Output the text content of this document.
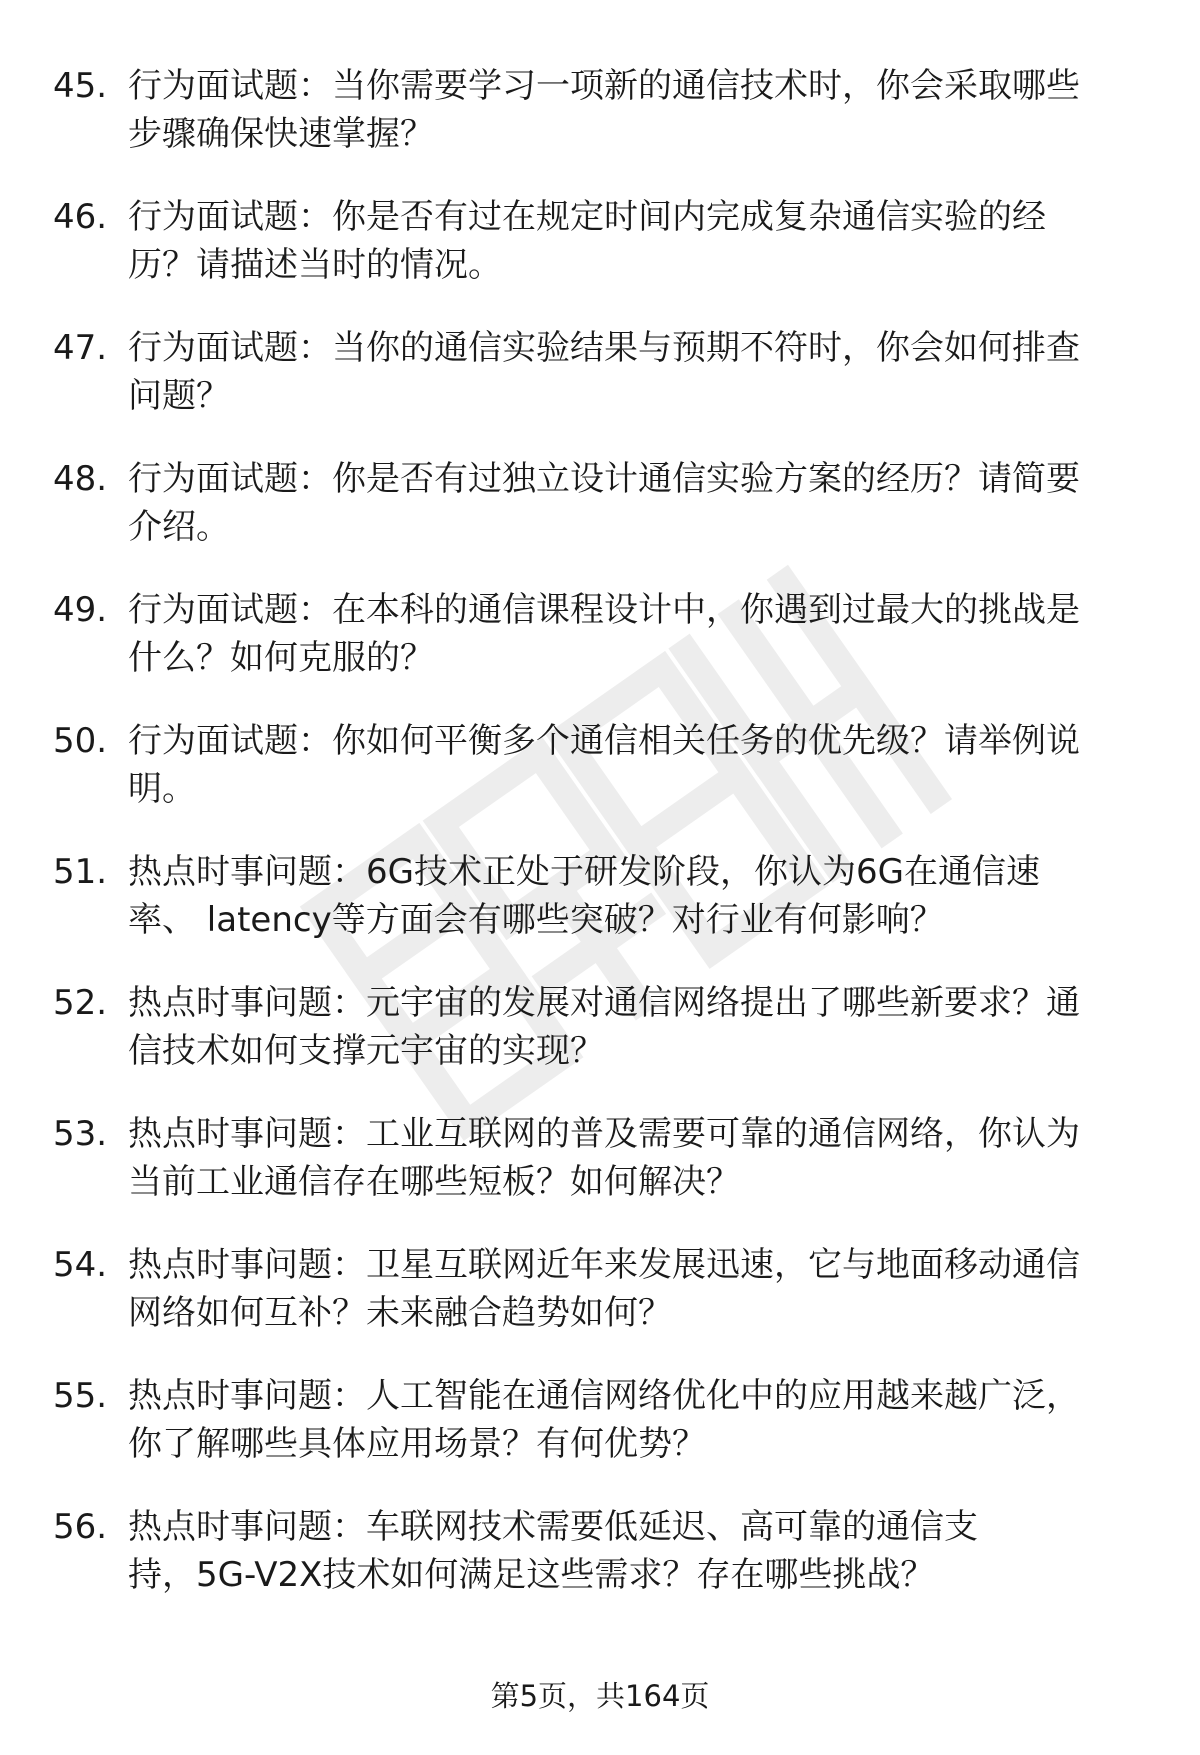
45. 行为面试题：当你需要学习一项新的通信技术时，你会采取哪些
步骤确保快速掌握？

46. 行为面试题：你是否有过在规定时间内完成复杂通信实验的经
历？请描述当时的情况。

47. 行为面试题：当你的通信实验结果与预期不符时，你会如何排查
问题？

48. 行为面试题：你是否有过独立设计通信实验方案的经历？请简要
介绍。

49. 行为面试题：在本科的通信课程设计中，你遇到过最大的挑战是
什么？如何克服的？

50. 行为面试题：你如何平衡多个通信相关任务的优先级？请举例说
明。

51. 热点时事问题：6G技术正处于研发阶段，你认为6G在通信速
率、 latency等方面会有哪些突破？对行业有何影响？

52. 热点时事问题：元宇宙的发展对通信网络提出了哪些新要求？通
信技术如何支撑元宇宙的实现？

53. 热点时事问题：工业互联网的普及需要可靠的通信网络，你认为
当前工业通信存在哪些短板？如何解决？

54. 热点时事问题：卫星互联网近年来发展迅速，它与地面移动通信
网络如何互补？未来融合趋势如何？

55. 热点时事问题：人工智能在通信网络优化中的应用越来越广泛，
你了解哪些具体应用场景？有何优势？

56. 热点时事问题：车联网技术需要低延迟、高可靠的通信支
持，5G-V2X技术如何满足这些需求？存在哪些挑战？

第5页，共164页
